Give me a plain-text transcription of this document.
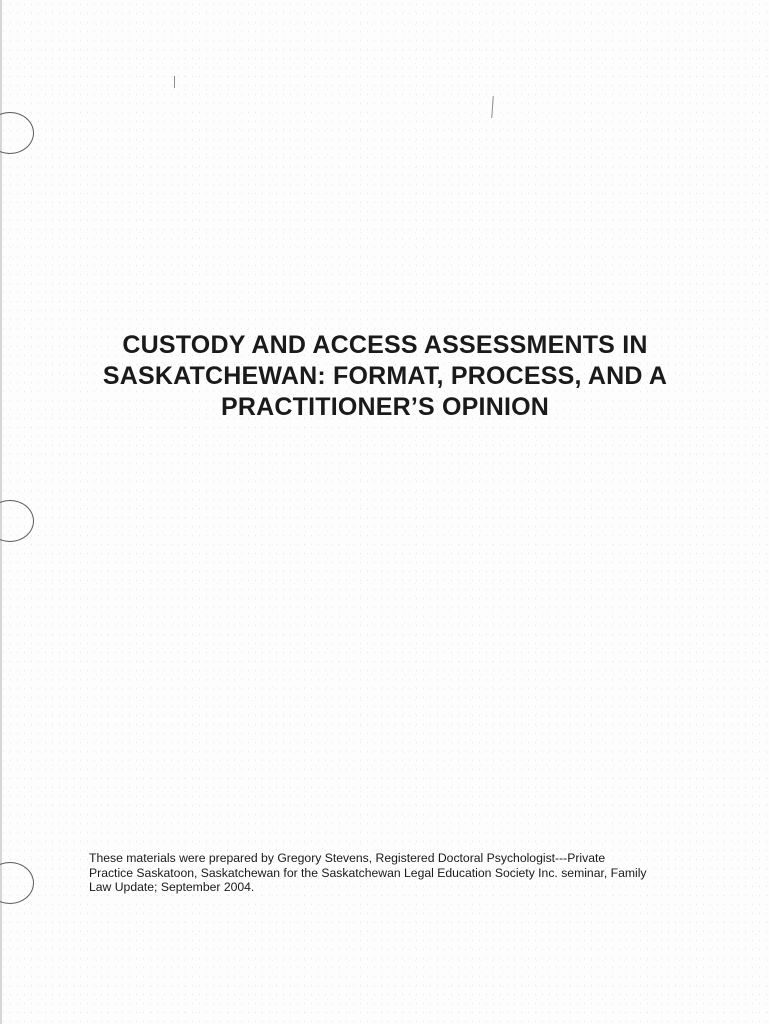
CUSTODY AND ACCESS ASSESSMENTS IN
SASKATCHEWAN: FORMAT, PROCESS, AND A
PRACTITIONER’S OPINION

These materials were prepared by Gregory Stevens, Registered Doctoral Psychologist---Private
Practice Saskatoon, Saskatchewan for the Saskatchewan Legal Education Society Inc. seminar, Family
Law Update; September 2004.
